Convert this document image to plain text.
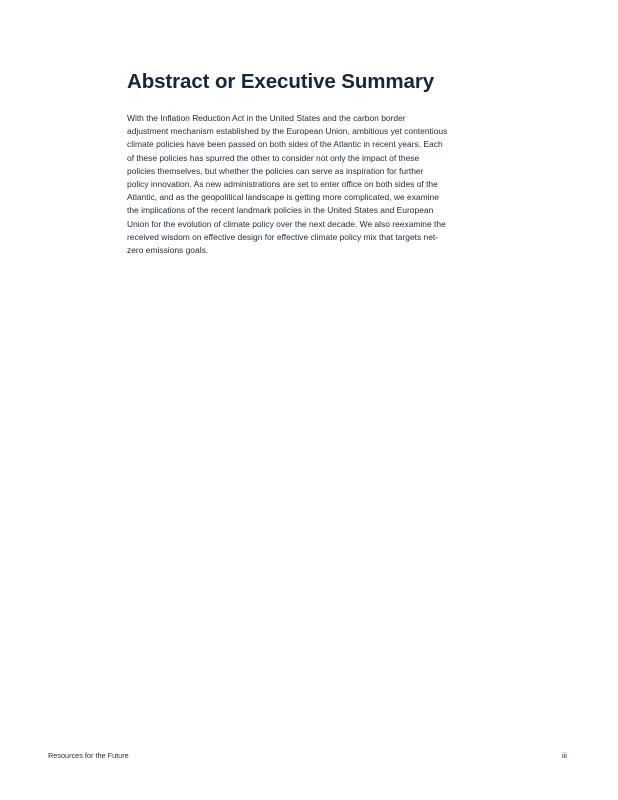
Abstract or Executive Summary

With the Inflation Reduction Act in the United States and the carbon border
adjustment mechanism established by the European Union, ambitious yet contentious
climate policies have been passed on both sides of the Atlantic in recent years. Each
of these policies has spurred the other to consider not only the impact of these
policies themselves, but whether the policies can serve as inspiration for further
policy innovation. As new administrations are set to enter office on both sides of the
Atlantic, and as the geopolitical landscape is getting more complicated, we examine
the implications of the recent landmark policies in the United States and European
Union for the evolution of climate policy over the next decade. We also reexamine the
received wisdom on effective design for effective climate policy mix that targets net-
zero emissions goals.

Resources for the Future	iii
